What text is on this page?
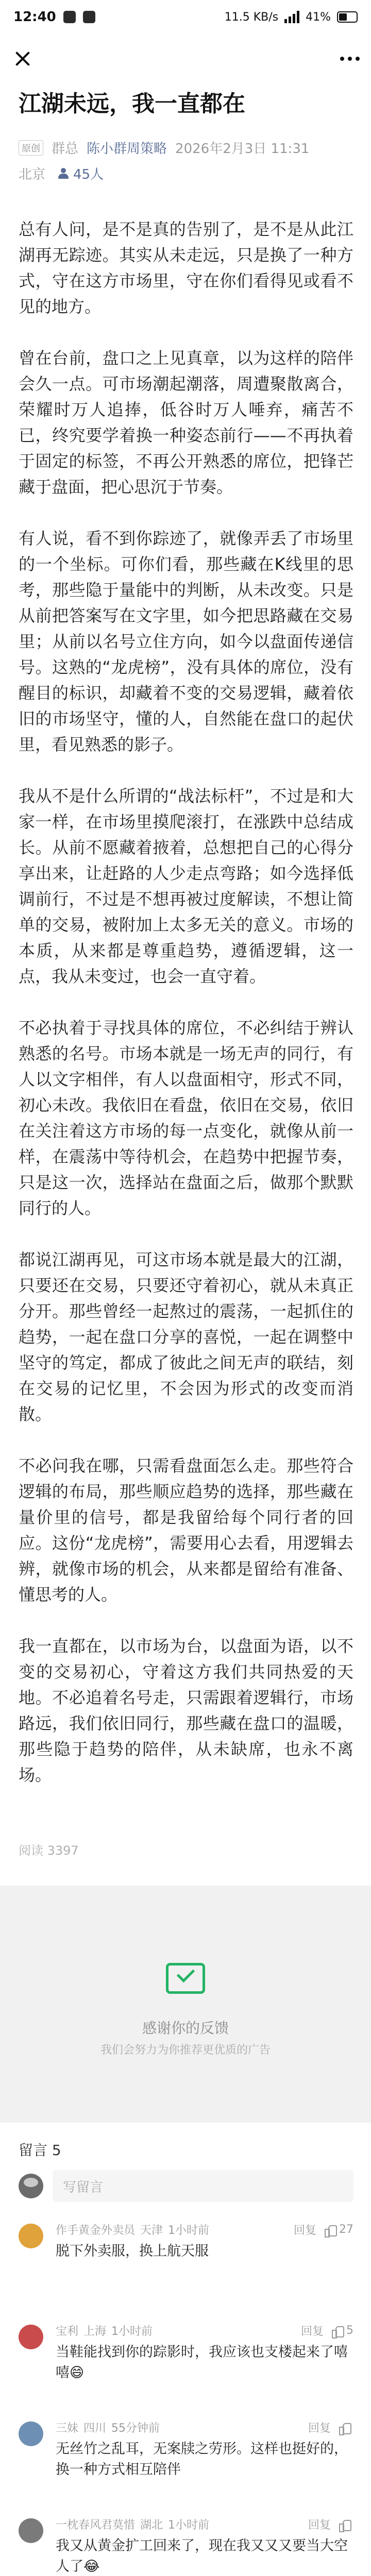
12:40	11.5 KB/s 41%
江湖未远，我一直都在
原创 群总 陈小群周策略 2026年2月3日 11:31
北京 45人

总有人问，是不是真的告别了，是不是从此江湖再无踪迹。其实从未走远，只是换了一种方式，守在这方市场里，守在你们看得见或看不见的地方。

曾在台前，盘口之上见真章，以为这样的陪伴会久一点。可市场潮起潮落，周遭聚散离合，荣耀时万人追捧，低谷时万人唾弃，痛苦不已，终究要学着换一种姿态前行——不再执着于固定的标签，不再公开熟悉的席位，把锋芒藏于盘面，把心思沉于节奏。

有人说，看不到你踪迹了，就像弄丢了市场里的一个坐标。可你们看，那些藏在K线里的思考，那些隐于量能中的判断，从未改变。只是从前把答案写在文字里，如今把思路藏在交易里；从前以名号立住方向，如今以盘面传递信号。这熟的“龙虎榜”，没有具体的席位，没有醒目的标识，却藏着不变的交易逻辑，藏着依旧的市场坚守，懂的人，自然能在盘口的起伏里，看见熟悉的影子。

我从不是什么所谓的“战法标杆”，不过是和大家一样，在市场里摸爬滚打，在涨跌中总结成长。从前不愿藏着掖着，总想把自己的心得分享出来，让赶路的人少走点弯路；如今选择低调前行，不过是不想再被过度解读，不想让简单的交易，被附加上太多无关的意义。市场的本质，从来都是尊重趋势，遵循逻辑，这一点，我从未变过，也会一直守着。

不必执着于寻找具体的席位，不必纠结于辨认熟悉的名号。市场本就是一场无声的同行，有人以文字相伴，有人以盘面相守，形式不同，初心未改。我依旧在看盘，依旧在交易，依旧在关注着这方市场的每一点变化，就像从前一样，在震荡中等待机会，在趋势中把握节奏，只是这一次，选择站在盘面之后，做那个默默同行的人。

都说江湖再见，可这市场本就是最大的江湖，只要还在交易，只要还守着初心，就从未真正分开。那些曾经一起熬过的震荡，一起抓住的趋势，一起在盘口分享的喜悦，一起在调整中坚守的笃定，都成了彼此之间无声的联结，刻在交易的记忆里，不会因为形式的改变而消散。

不必问我在哪，只需看盘面怎么走。那些符合逻辑的布局，那些顺应趋势的选择，那些藏在量价里的信号，都是我留给每个同行者的回应。这份“龙虎榜”，需要用心去看，用逻辑去辨，就像市场的机会，从来都是留给有准备、懂思考的人。

我一直都在，以市场为台，以盘面为语，以不变的交易初心，守着这方我们共同热爱的天地。不必追着名号走，只需跟着逻辑行，市场路远，我们依旧同行，那些藏在盘口的温暖，那些隐于趋势的陪伴，从未缺席，也永不离场。

阅读 3397
感谢你的反馈
我们会努力为你推荐更优质的广告
留言 5
写留言
作手黄金外卖员 天津 1小时前	回复 27
脱下外卖服，换上航天服
宝利 上海 1小时前	回复 5
当鞋能找到你的踪影时，我应该也支楼起来了嘻嘻😄
三妹 四川 55分钟前	回复
无丝竹之乱耳，无案牍之劳形。这样也挺好的，换一种方式相互陪伴
一枕春风君莫惜 湖北 1小时前	回复
我又从黄金扩工回来了，现在我又又又要当大空人了😂
